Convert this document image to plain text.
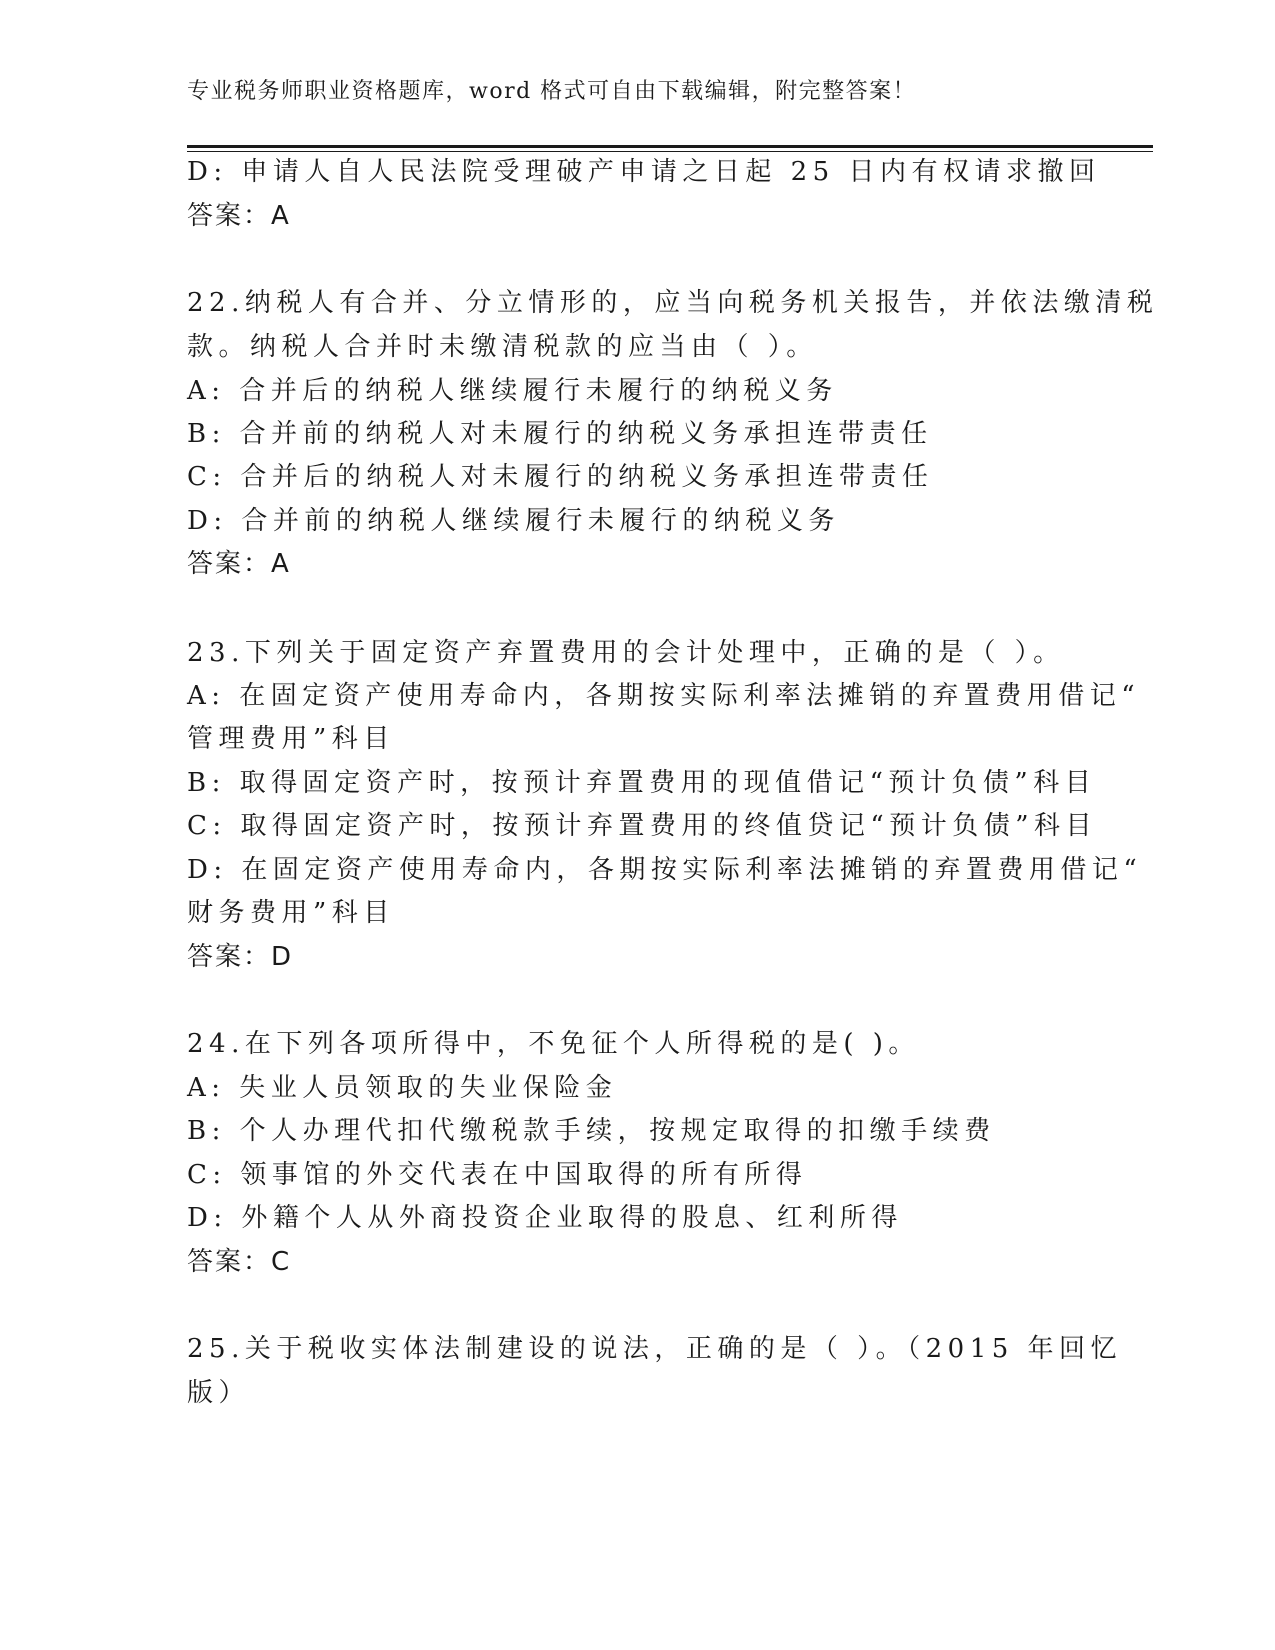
专业税务师职业资格题库，word 格式可自由下载编辑，附完整答案！
D: 申请人自人民法院受理破产申请之日起 25 日内有权请求撤回
答案：A
22.纳税人有合并、分立情形的，应当向税务机关报告，并依法缴清税
款。纳税人合并时未缴清税款的应当由（ ）。
A: 合并后的纳税人继续履行未履行的纳税义务
B: 合并前的纳税人对未履行的纳税义务承担连带责任
C: 合并后的纳税人对未履行的纳税义务承担连带责任
D: 合并前的纳税人继续履行未履行的纳税义务
答案：A
23.下列关于固定资产弃置费用的会计处理中，正确的是（ ）。
A: 在固定资产使用寿命内，各期按实际利率法摊销的弃置费用借记“
管理费用”科目
B: 取得固定资产时，按预计弃置费用的现值借记“预计负债”科目
C: 取得固定资产时，按预计弃置费用的终值贷记“预计负债”科目
D: 在固定资产使用寿命内，各期按实际利率法摊销的弃置费用借记“
财务费用”科目
答案：D
24.在下列各项所得中，不免征个人所得税的是( )。
A: 失业人员领取的失业保险金
B: 个人办理代扣代缴税款手续，按规定取得的扣缴手续费
C: 领事馆的外交代表在中国取得的所有所得
D: 外籍个人从外商投资企业取得的股息、红利所得
答案：C
25.关于税收实体法制建设的说法，正确的是（ ）。（2015 年回忆
版）
